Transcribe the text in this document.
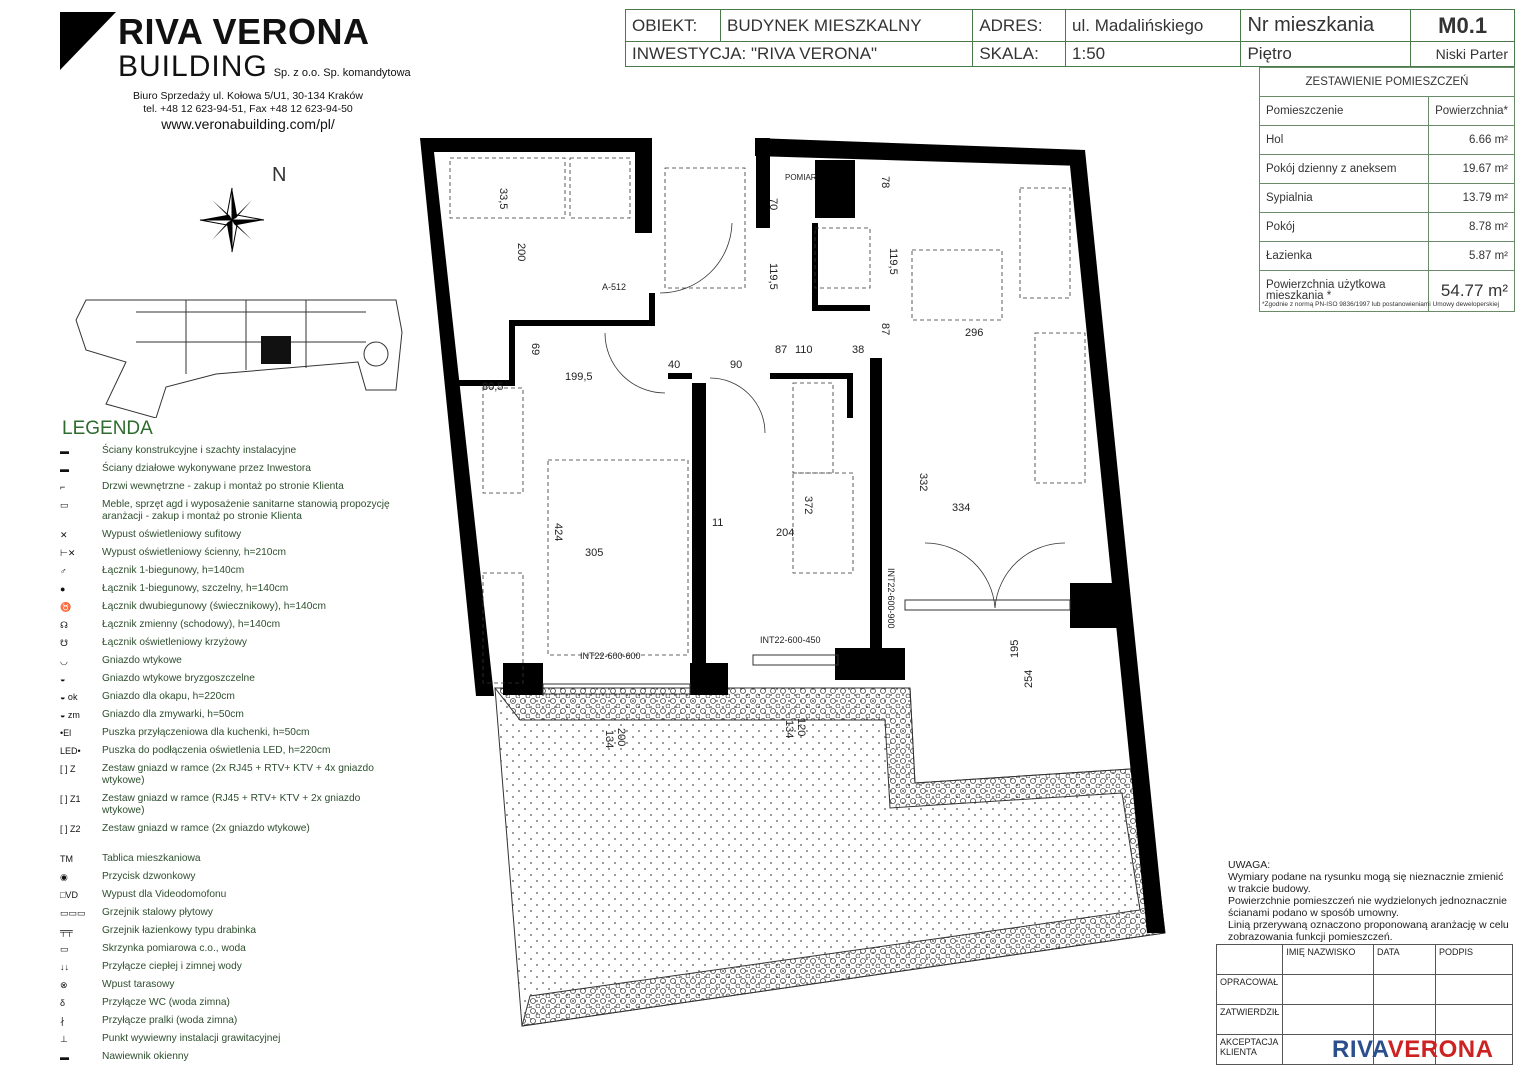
RIVA VERONA
BUILDING Sp. z o.o. Sp. komandytowa
Biuro Sprzedaży ul. Kołowa 5/U1, 30-134 Kraków
tel. +48 12 623-94-51, Fax +48 12 623-94-50
www.veronabuilding.com/pl/
N
OBIEKT:	BUDYNEK MIESZKALNY	ADRES:	ul. Madalińskiego	Nr mieszkania	M0.1
INWESTYCJA: "RIVA VERONA"		SKALA:	1:50	Piętro	Niski Parter
ZESTAWIENIE POMIESZCZEŃ	
Pomieszczenie	Powierzchnia*
Hol	6.66 m²
Pokój dzienny z aneksem	19.67 m²
Sypialnia	13.79 m²
Pokój	8.78 m²
Łazienka	5.87 m²
Powierzchnia użytkowa mieszkania *	54.77 m²
*Zgodnie z normą PN-ISO 9836/1997 lub postanowieniami Umowy deweloperskiej
33,5
200
70
78
119,5
119,5
69
40	90
87 110	38
87	296
80,5
199,5
424
305
11
204
372
332
334
195
254
200
134
120
134
A-512
POMIAR
INT22-600-600
INT22-600-450
INT22-600-900
LEGENDA
▬	Ściany konstrukcyjne i szachty instalacyjne
▬	Ściany działowe wykonywane przez Inwestora
⌐	Drzwi wewnętrzne - zakup i montaż po stronie Klienta
▭	Meble, sprzęt agd i wyposażenie sanitarne stanowią propozycję aranżacji - zakup i montaż po stronie Klienta
✕	Wypust oświetleniowy sufitowy
⊢✕	Wypust oświetleniowy ścienny, h=210cm
♂	Łącznik 1-biegunowy, h=140cm
●	Łącznik 1-biegunowy, szczelny, h=140cm
♉	Łącznik dwubiegunowy (świecznikowy), h=140cm
☊	Łącznik zmienny (schodowy), h=140cm
☋	Łącznik oświetleniowy krzyżowy
◡	Gniazdo wtykowe
◒	Gniazdo wtykowe bryzgoszczelne
◒ ok	Gniazdo dla okapu, h=220cm
◒ zm	Gniazdo dla zmywarki, h=50cm
•El	Puszka przyłączeniowa dla kuchenki, h=50cm
LED•	Puszka do podłączenia oświetlenia LED, h=220cm
[ ] Z	Zestaw gniazd w ramce (2x RJ45 + RTV+ KTV + 4x gniazdo wtykowe)
[ ] Z1	Zestaw gniazd w ramce (RJ45 + RTV+ KTV + 2x gniazdo wtykowe)
[ ] Z2	Zestaw gniazd w ramce (2x gniazdo wtykowe)
TM	Tablica mieszkaniowa
◉	Przycisk dzwonkowy
□VD	Wypust dla Videodomofonu
▭▭▭	Grzejnik stalowy płytowy
╤╤	Grzejnik łazienkowy typu drabinka
▭	Skrzynka pomiarowa c.o., woda
↓↓	Przyłącze ciepłej i zimnej wody
⊗	Wpust tarasowy
δ	Przyłącze WC (woda zimna)
∤	Przyłącze pralki (woda zimna)
⊥	Punkt wywiewny instalacji grawitacyjnej
▬	Nawiewnik okienny
UWAGA:
Wymiary podane na rysunku mogą się nieznacznie zmienić w trakcie budowy.
Powierzchnie pomieszczeń nie wydzielonych jednoznacznie ścianami podano w sposób umowny.
Linią przerywaną oznaczono proponowaną aranżację w celu zobrazowania funkcji pomieszczeń.
	IMIĘ NAZWISKO	DATA	PODPIS
OPRACOWAŁ			
ZATWIERDZIŁ			
AKCEPTACJA KLIENTA				RIVAVERONA
